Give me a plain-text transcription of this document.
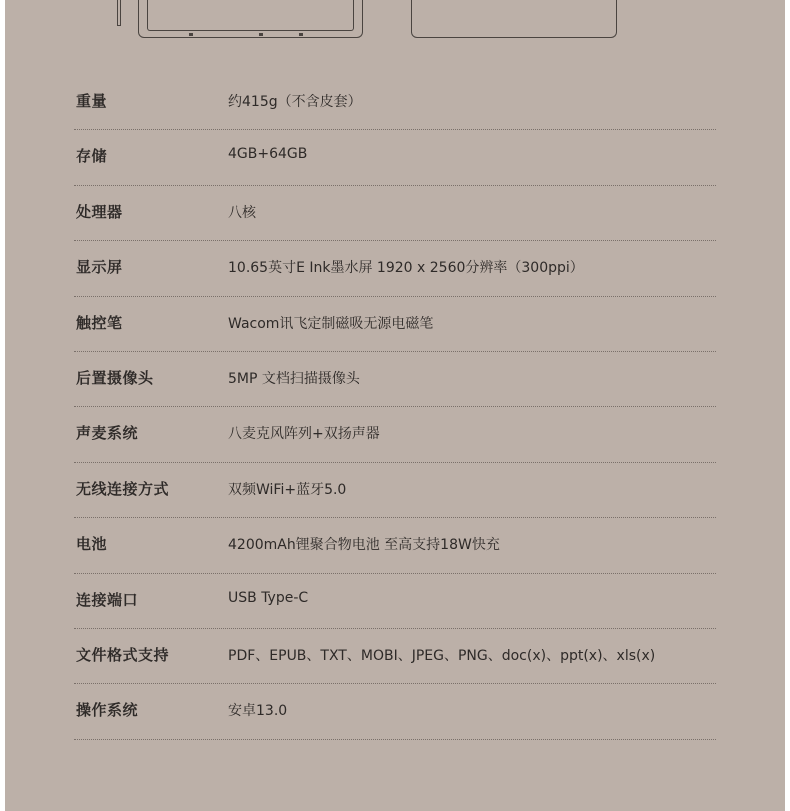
重量	约415g（不含皮套）
存储	4GB+64GB
处理器	八核
显示屏	10.65英寸E Ink墨水屏 1920 x 2560分辨率（300ppi）
触控笔	Wacom讯飞定制磁吸无源电磁笔
后置摄像头	5MP 文档扫描摄像头
声麦系统	八麦克风阵列+双扬声器
无线连接方式	双频WiFi+蓝牙5.0
电池	4200mAh锂聚合物电池 至高支持18W快充
连接端口	USB Type-C
文件格式支持	PDF、EPUB、TXT、MOBI、JPEG、PNG、doc(x)、ppt(x)、xls(x)
操作系统	安卓13.0
